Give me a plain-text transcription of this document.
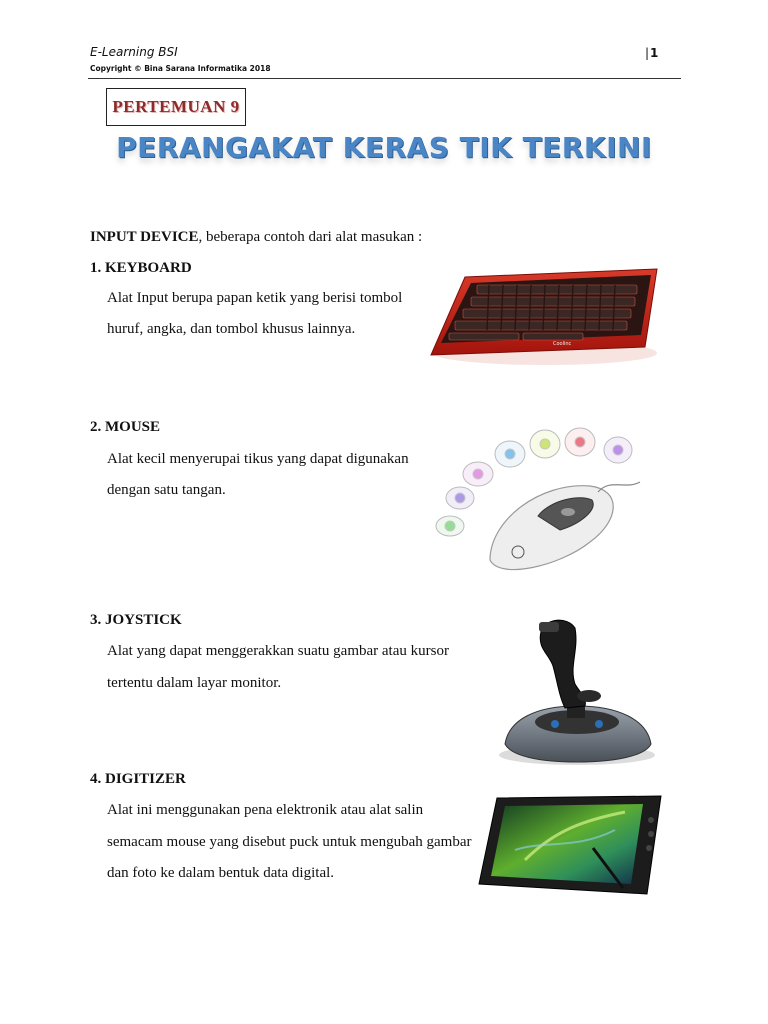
E-Learning BSI
Copyright © Bina Sarana Informatika 2018
|1
PERTEMUAN 9
PERANGAKAT KERAS TIK TERKINI
INPUT DEVICE, beberapa contoh dari alat masukan :
1. KEYBOARD
Alat Input berupa papan ketik yang berisi tombol
huruf, angka, dan tombol khusus lainnya.
Coolinc
2. MOUSE
Alat kecil menyerupai tikus yang dapat digunakan
dengan satu tangan.
3. JOYSTICK
Alat yang dapat menggerakkan suatu gambar atau kursor
tertentu dalam layar monitor.
4. DIGITIZER
Alat ini menggunakan pena elektronik atau alat salin
semacam mouse yang disebut puck untuk mengubah gambar
dan foto ke dalam bentuk data digital.
